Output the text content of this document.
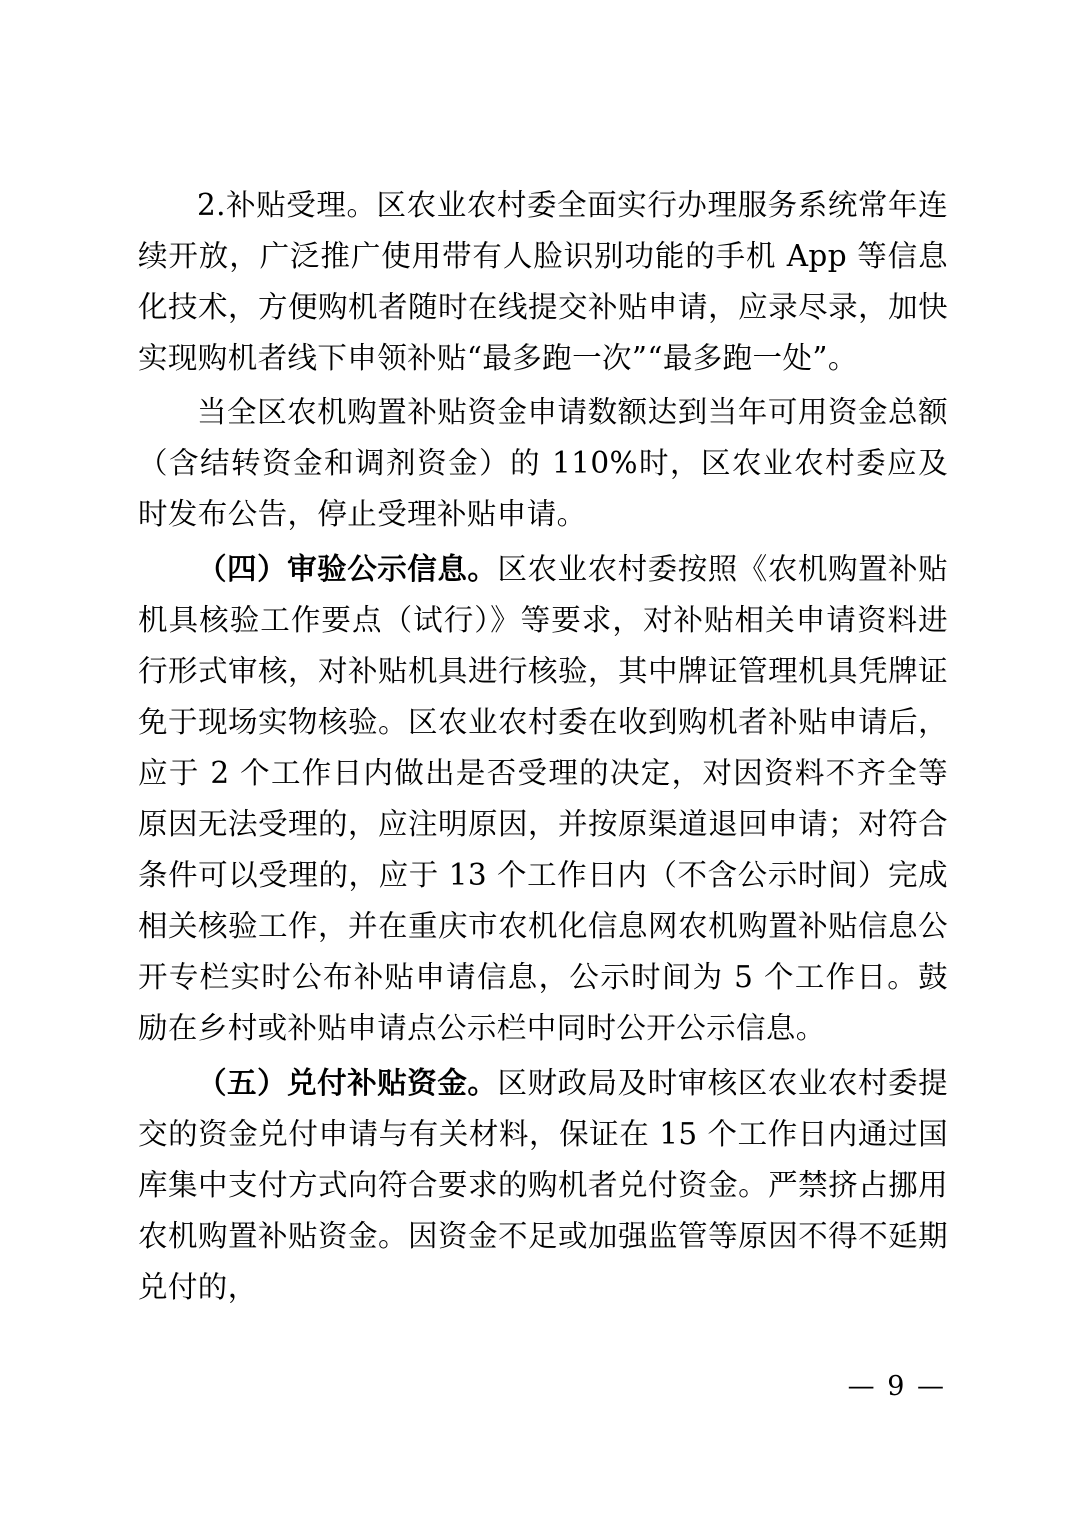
2.补贴受理。区农业农村委全面实行办理服务系统常年连续开放，广泛推广使用带有人脸识别功能的手机 App 等信息化技术，方便购机者随时在线提交补贴申请，应录尽录，加快实现购机者线下申领补贴“最多跑一次”“最多跑一处”。

当全区农机购置补贴资金申请数额达到当年可用资金总额（含结转资金和调剂资金）的 110%时，区农业农村委应及时发布公告，停止受理补贴申请。

（四）审验公示信息。区农业农村委按照《农机购置补贴机具核验工作要点（试行）》等要求，对补贴相关申请资料进行形式审核，对补贴机具进行核验，其中牌证管理机具凭牌证免于现场实物核验。区农业农村委在收到购机者补贴申请后，应于 2 个工作日内做出是否受理的决定，对因资料不齐全等原因无法受理的，应注明原因，并按原渠道退回申请；对符合条件可以受理的，应于 13 个工作日内（不含公示时间）完成相关核验工作，并在重庆市农机化信息网农机购置补贴信息公开专栏实时公布补贴申请信息，公示时间为 5 个工作日。鼓励在乡村或补贴申请点公示栏中同时公开公示信息。

（五）兑付补贴资金。区财政局及时审核区农业农村委提交的资金兑付申请与有关材料，保证在 15 个工作日内通过国库集中支付方式向符合要求的购机者兑付资金。严禁挤占挪用农机购置补贴资金。因资金不足或加强监管等原因不得不延期兑付的，

— 9 —
